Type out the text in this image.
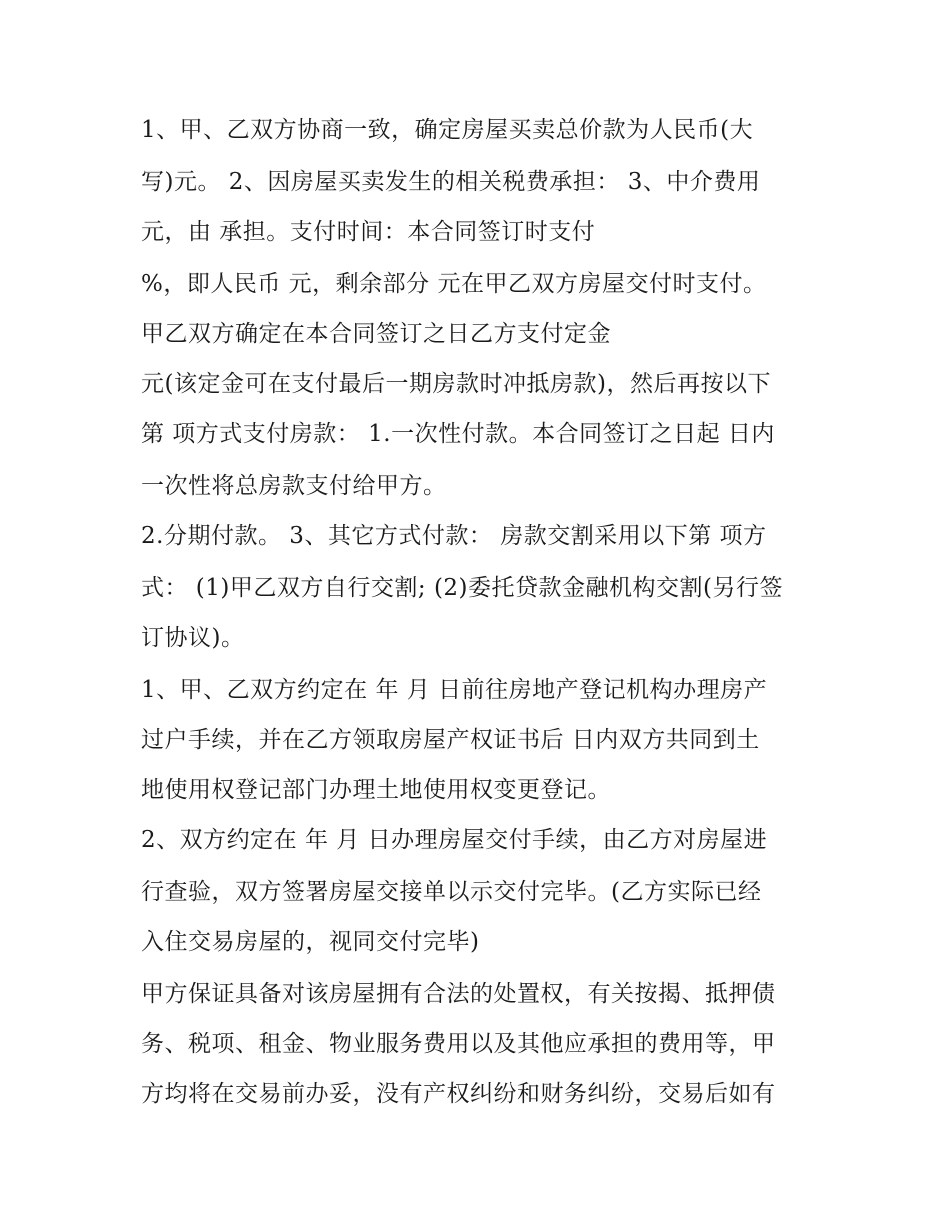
1、甲、乙双方协商一致，确定房屋买卖总价款为人民币(大
写)元。 2、因房屋买卖发生的相关税费承担： 3、中介费用
元，由 承担。支付时间：本合同签订时支付
%，即人民币 元，剩余部分 元在甲乙双方房屋交付时支付。
甲乙双方确定在本合同签订之日乙方支付定金
元(该定金可在支付最后一期房款时冲抵房款)，然后再按以下
第 项方式支付房款： 1.一次性付款。本合同签订之日起 日内
一次性将总房款支付给甲方。
2.分期付款。 3、其它方式付款： 房款交割采用以下第 项方
式： (1)甲乙双方自行交割; (2)委托贷款金融机构交割(另行签
订协议)。
1、甲、乙双方约定在 年 月 日前往房地产登记机构办理房产
过户手续，并在乙方领取房屋产权证书后 日内双方共同到土
地使用权登记部门办理土地使用权变更登记。
2、双方约定在 年 月 日办理房屋交付手续，由乙方对房屋进
行查验，双方签署房屋交接单以示交付完毕。(乙方实际已经
入住交易房屋的，视同交付完毕)
甲方保证具备对该房屋拥有合法的处置权，有关按揭、抵押债
务、税项、租金、物业服务费用以及其他应承担的费用等，甲
方均将在交易前办妥，没有产权纠纷和财务纠纷，交易后如有
